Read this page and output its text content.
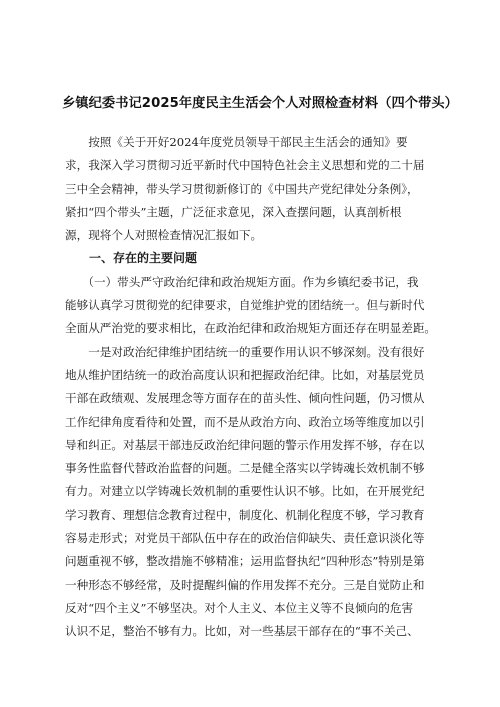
乡镇纪委书记2025年度民主生活会个人对照检查材料（四个带头）
　　按照《关于开好2024年度党员领导干部民主生活会的通知》要
求，我深入学习贯彻习近平新时代中国特色社会主义思想和党的二十届
三中全会精神，带头学习贯彻新修订的《中国共产党纪律处分条例》，
紧扣“四个带头”主题，广泛征求意见，深入查摆问题，认真剖析根
源，现将个人对照检查情况汇报如下。
　　一、存在的主要问题
　　（一）带头严守政治纪律和政治规矩方面。作为乡镇纪委书记，我
能够认真学习贯彻党的纪律要求，自觉维护党的团结统一。但与新时代
全面从严治党的要求相比，在政治纪律和政治规矩方面还存在明显差距。
　　一是对政治纪律维护团结统一的重要作用认识不够深刻。没有很好
地从维护团结统一的政治高度认识和把握政治纪律。比如，对基层党员
干部在政绩观、发展理念等方面存在的苗头性、倾向性问题，仍习惯从
工作纪律角度看待和处置，而不是从政治方向、政治立场等维度加以引
导和纠正。对基层干部违反政治纪律问题的警示作用发挥不够，存在以
事务性监督代替政治监督的问题。二是健全落实以学铸魂长效机制不够
有力。对建立以学铸魂长效机制的重要性认识不够。比如，在开展党纪
学习教育、理想信念教育过程中，制度化、机制化程度不够，学习教育
容易走形式；对党员干部队伍中存在的政治信仰缺失、责任意识淡化等
问题重视不够，整改措施不够精准；运用监督执纪“四种形态”特别是第
一种形态不够经常，及时提醒纠偏的作用发挥不充分。三是自觉防止和
反对“四个主义”不够坚决。对个人主义、本位主义等不良倾向的危害
认识不足，整治不够有力。比如，对一些基层干部存在的“事不关己、
